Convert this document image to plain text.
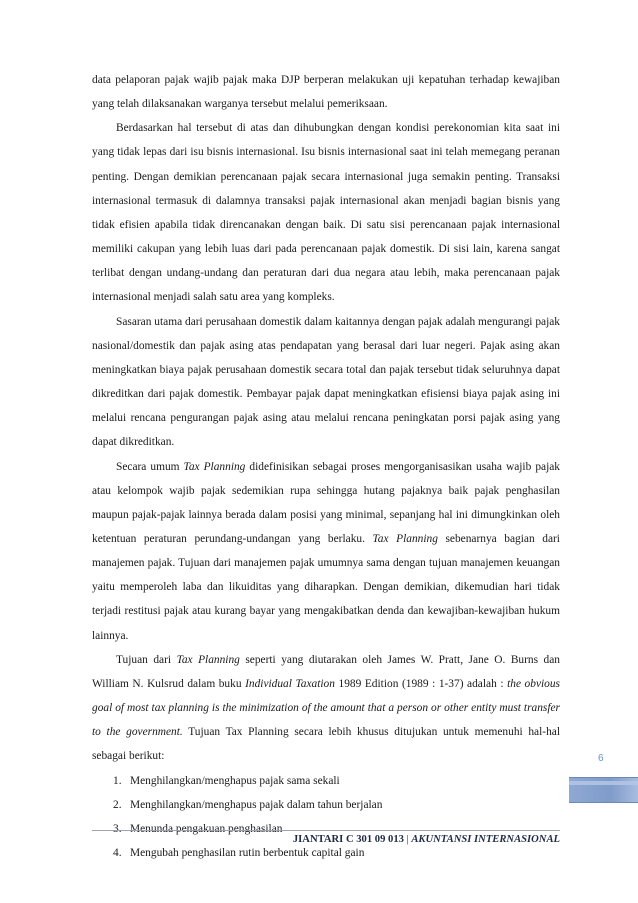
data pelaporan pajak wajib pajak maka DJP berperan melakukan uji kepatuhan terhadap kewajiban yang telah dilaksanakan warganya tersebut melalui pemeriksaan.

Berdasarkan hal tersebut di atas dan dihubungkan dengan kondisi perekonomian kita saat ini yang tidak lepas dari isu bisnis internasional. Isu bisnis internasional saat ini telah memegang peranan penting. Dengan demikian perencanaan pajak secara internasional juga semakin penting. Transaksi internasional termasuk di dalamnya transaksi pajak internasional akan menjadi bagian bisnis yang tidak efisien apabila tidak direncanakan dengan baik. Di satu sisi perencanaan pajak internasional memiliki cakupan yang lebih luas dari pada perencanaan pajak domestik. Di sisi lain, karena sangat terlibat dengan undang-undang dan peraturan dari dua negara atau lebih, maka perencanaan pajak internasional menjadi salah satu area yang kompleks.

Sasaran utama dari perusahaan domestik dalam kaitannya dengan pajak adalah mengurangi pajak nasional/domestik dan pajak asing atas pendapatan yang berasal dari luar negeri. Pajak asing akan meningkatkan biaya pajak perusahaan domestik secara total dan pajak tersebut tidak seluruhnya dapat dikreditkan dari pajak domestik. Pembayar pajak dapat meningkatkan efisiensi biaya pajak asing ini melalui rencana pengurangan pajak asing atau melalui rencana peningkatan porsi pajak asing yang dapat dikreditkan.

Secara umum Tax Planning didefinisikan sebagai proses mengorganisasikan usaha wajib pajak atau kelompok wajib pajak sedemikian rupa sehingga hutang pajaknya baik pajak penghasilan maupun pajak-pajak lainnya berada dalam posisi yang minimal, sepanjang hal ini dimungkinkan oleh ketentuan peraturan perundang-undangan yang berlaku. Tax Planning sebenarnya bagian dari manajemen pajak. Tujuan dari manajemen pajak umumnya sama dengan tujuan manajemen keuangan yaitu memperoleh laba dan likuiditas yang diharapkan. Dengan demikian, dikemudian hari tidak terjadi restitusi pajak atau kurang bayar yang mengakibatkan denda dan kewajiban-kewajiban hukum lainnya.

Tujuan dari Tax Planning seperti yang diutarakan oleh James W. Pratt, Jane O. Burns dan William N. Kulsrud dalam buku Individual Taxation 1989 Edition (1989 : 1-37) adalah : the obvious goal of most tax planning is the minimization of the amount that a person or other entity must transfer to the government. Tujuan Tax Planning secara lebih khusus ditujukan untuk memenuhi hal-hal sebagai berikut:

1. Menghilangkan/menghapus pajak sama sekali
2. Menghilangkan/menghapus pajak dalam tahun berjalan
3. Menunda pengakuan penghasilan
4. Mengubah penghasilan rutin berbentuk capital gain
6
JIANTARI C 301 09 013 | AKUNTANSI INTERNASIONAL
